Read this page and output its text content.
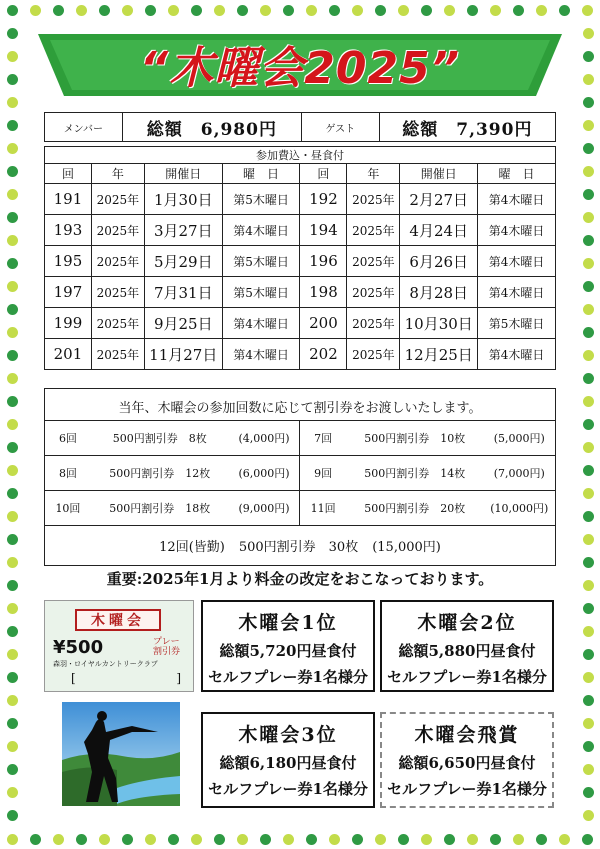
“木曜会2025”
メンバー	総額　6,980円	ゲスト	総額　7,390円
参加費込・昼食付							
回	年	開催日	曜　日	回	年	開催日	曜　日
191	2025年	1月30日	第5木曜日	192	2025年	2月27日	第4木曜日
193	2025年	3月27日	第4木曜日	194	2025年	4月24日	第4木曜日
195	2025年	5月29日	第5木曜日	196	2025年	6月26日	第4木曜日
197	2025年	7月31日	第5木曜日	198	2025年	8月28日	第4木曜日
199	2025年	9月25日	第4木曜日	200	2025年	10月30日	第5木曜日
201	2025年	11月27日	第4木曜日	202	2025年	12月25日	第4木曜日
当年、木曜会の参加回数に応じて割引券をお渡しいたします。
6回	500円割引券　8枚	(4,000円)	7回	500円割引券　10枚	(5,000円)
8回	500円割引券　12枚	(6,000円)	9回	500円割引券　14枚	(7,000円)
10回	500円割引券　18枚	(9,000円)	11回	500円割引券　20枚	(10,000円)
12回(皆勤) 500円割引券　30枚 (15,000円)
重要:2025年1月より料金の改定をおこなっております。
木曜会
¥500	プレー
割引券
森羽・ロイヤルカントリークラブ
[	]
木曜会1位
総額5,720円昼食付
セルフプレー券1名様分
木曜会2位
総額5,880円昼食付
セルフプレー券1名様分
木曜会3位
総額6,180円昼食付
セルフプレー券1名様分
木曜会飛賞
総額6,650円昼食付
セルフプレー券1名様分
